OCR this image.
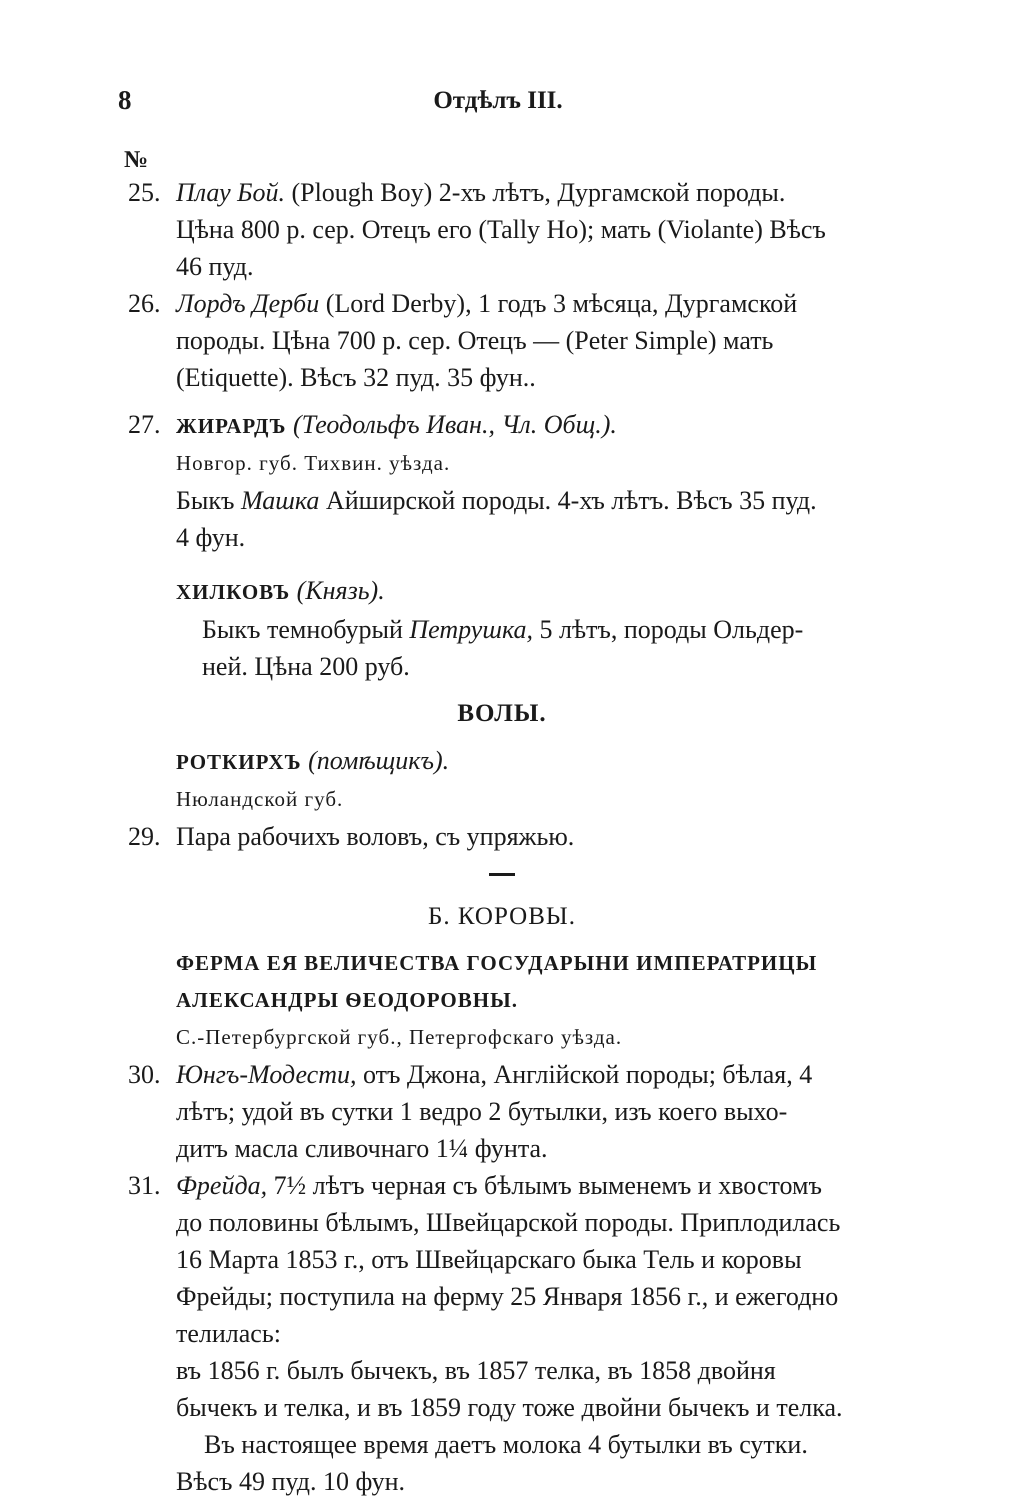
8	Отдѣлъ III.
№
25. Плау Бой. (Plough Boy) 2-хъ лѣтъ, Дургамской породы.
Цѣна 800 р. сер. Отецъ его (Tally Ho); мать (Violante) Вѣсъ
46 пуд.
26. Лордъ Дерби (Lord Derby), 1 годъ 3 мѣсяца, Дургамской
породы. Цѣна 700 р. сер. Отецъ — (Peter Simple) мать
(Etiquette). Вѣсъ 32 пуд. 35 фун..
27. ЖИРАРДЪ (Теодольфъ Иван., Чл. Общ.).
Новгор. губ. Тихвин. уѣзда.
Быкъ Машка Айширской породы. 4-хъ лѣтъ. Вѣсъ 35 пуд.
4 фун.
ХИЛКОВЪ (Князь).
Быкъ темнобурый Петрушка, 5 лѣтъ, породы Ольдер-
ней. Цѣна 200 руб.
ВОЛЫ.
РОТКИРХЪ (помѣщикъ).
Нюландской губ.
29. Пара рабочихъ воловъ, съ упряжью.
Б. КОРОВЫ.
ФЕРМА ЕЯ ВЕЛИЧЕСТВА ГОСУДАРЫНИ ИМПЕРАТРИЦЫ
АЛЕКСАНДРЫ ѲЕОДОРОВНЫ.
С.-Петербургской губ., Петергофскаго уѣзда.
30. Юнгъ-Модести, отъ Джона, Англійской породы; бѣлая, 4
лѣтъ; удой въ сутки 1 ведро 2 бутылки, изъ коего выхо-
дитъ масла сливочнаго 1¼ фунта.
31. Фрейда, 7½ лѣтъ черная съ бѣлымъ выменемъ и хвостомъ
до половины бѣлымъ, Швейцарской породы. Приплодилась
16 Марта 1853 г., отъ Швейцарскаго быка Тель и коровы
Фрейды; поступила на ферму 25 Января 1856 г., и ежегодно
телилась:
въ 1856 г. былъ бычекъ, въ 1857 телка, въ 1858 двойня
бычекъ и телка, и въ 1859 году тоже двойни бычекъ и телка.
Въ настоящее время даетъ молока 4 бутылки въ сутки.
Вѣсъ 49 пуд. 10 фун.
